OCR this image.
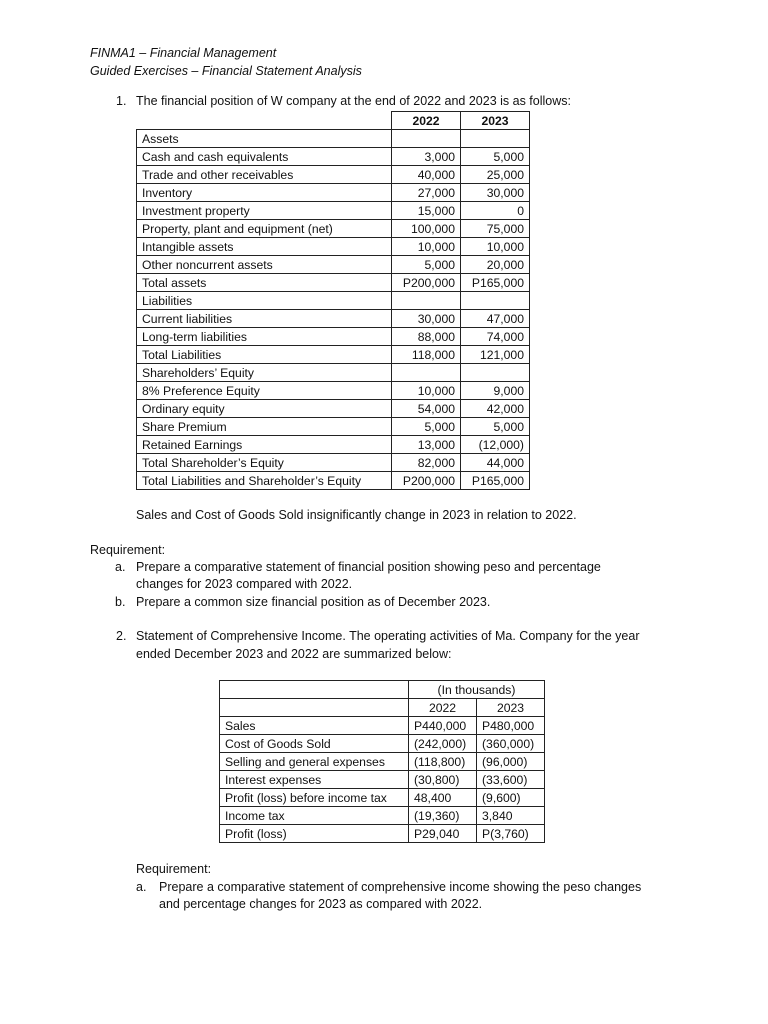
FINMA1 – Financial Management
Guided Exercises – Financial Statement Analysis
1. The financial position of W company at the end of 2022 and 2023 is as follows:
	2022	2023
Assets		
Cash and cash equivalents	3,000	5,000
Trade and other receivables	40,000	25,000
Inventory	27,000	30,000
Investment property	15,000	0
Property, plant and equipment (net)	100,000	75,000
Intangible assets	10,000	10,000
Other noncurrent assets	5,000	20,000
Total assets	P200,000	P165,000
Liabilities		
Current liabilities	30,000	47,000
Long-term liabilities	88,000	74,000
Total Liabilities	118,000	121,000
Shareholders’ Equity		
8% Preference Equity	10,000	9,000
Ordinary equity	54,000	42,000
Share Premium	5,000	5,000
Retained Earnings	13,000	(12,000)
Total Shareholder’s Equity	82,000	44,000
Total Liabilities and Shareholder’s Equity	P200,000	P165,000
Sales and Cost of Goods Sold insignificantly change in 2023 in relation to 2022.
Requirement:
a. Prepare a comparative statement of financial position showing peso and percentage
changes for 2023 compared with 2022.
b. Prepare a common size financial position as of December 2023.
2. Statement of Comprehensive Income. The operating activities of Ma. Company for the year
ended December 2023 and 2022 are summarized below:
	(In thousands)	
	2022	2023
Sales	P440,000	P480,000
Cost of Goods Sold	(242,000)	(360,000)
Selling and general expenses	(118,800)	(96,000)
Interest expenses	(30,800)	(33,600)
Profit (loss) before income tax	48,400	(9,600)
Income tax	(19,360)	3,840
Profit (loss)	P29,040	P(3,760)
Requirement:
a. Prepare a comparative statement of comprehensive income showing the peso changes
and percentage changes for 2023 as compared with 2022.
